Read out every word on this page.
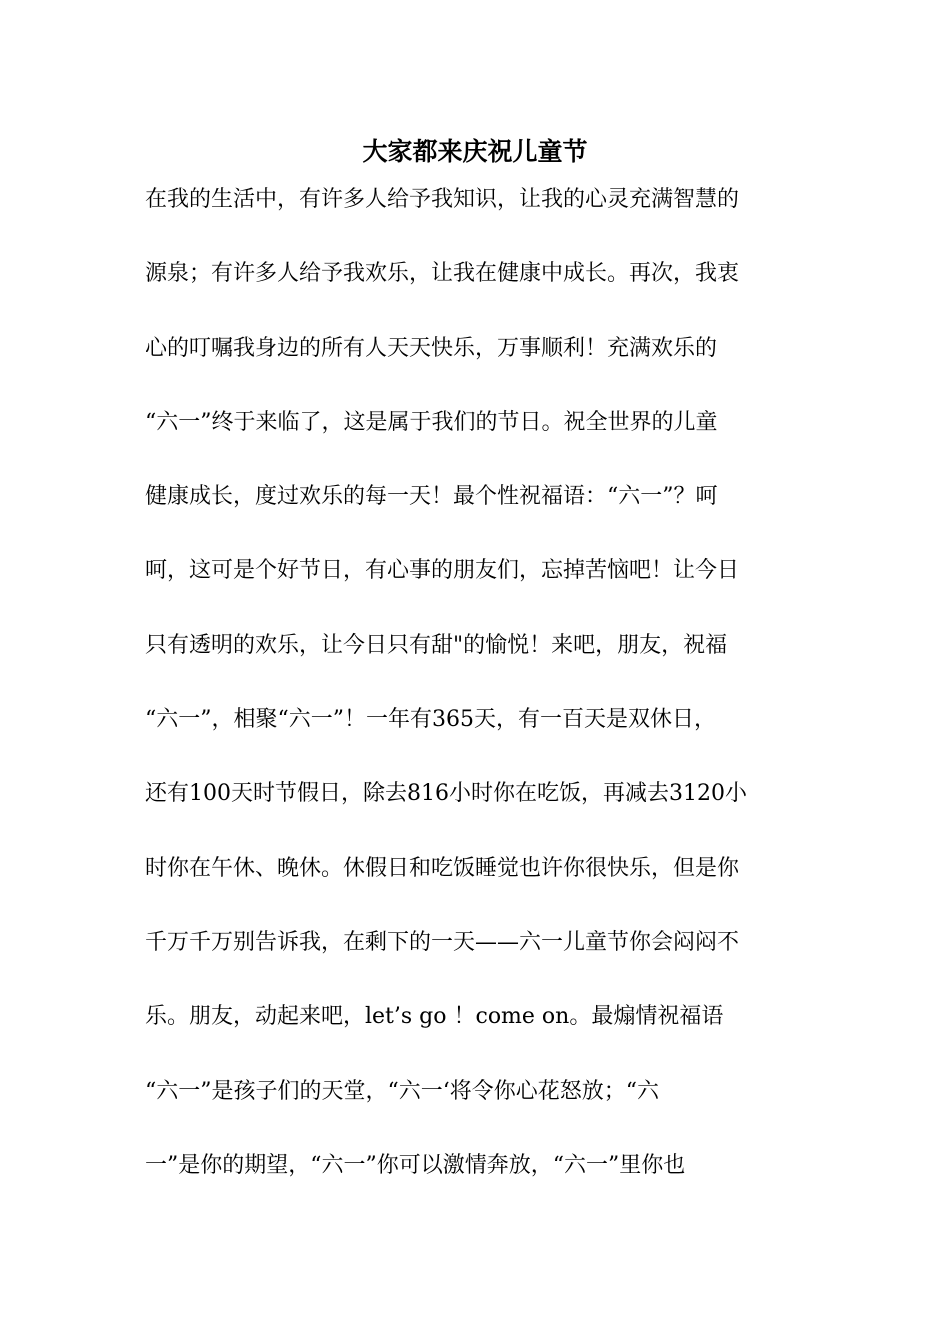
大家都来庆祝儿童节
在我的生活中，有许多人给予我知识，让我的心灵充满智慧的
源泉；有许多人给予我欢乐，让我在健康中成长。再次，我衷
心的叮嘱我身边的所有人天天快乐，万事顺利！充满欢乐的
“六一”终于来临了，这是属于我们的节日。祝全世界的儿童
健康成长，度过欢乐的每一天！最个性祝福语：“六一”？呵
呵，这可是个好节日，有心事的朋友们，忘掉苦恼吧！让今日
只有透明的欢乐，让今日只有甜"的愉悦！来吧，朋友，祝福
“六一”，相聚“六一”！一年有365天，有一百天是双休日，
还有100天时节假日，除去816小时你在吃饭，再减去3120小
时你在午休、晚休。休假日和吃饭睡觉也许你很快乐，但是你
千万千万别告诉我，在剩下的一天——六一儿童节你会闷闷不
乐。朋友，动起来吧，let’s go ！come on。最煽情祝福语
“六一”是孩子们的天堂，“六一‘将令你心花怒放；“六
一”是你的期望，“六一”你可以激情奔放，“六一”里你也
